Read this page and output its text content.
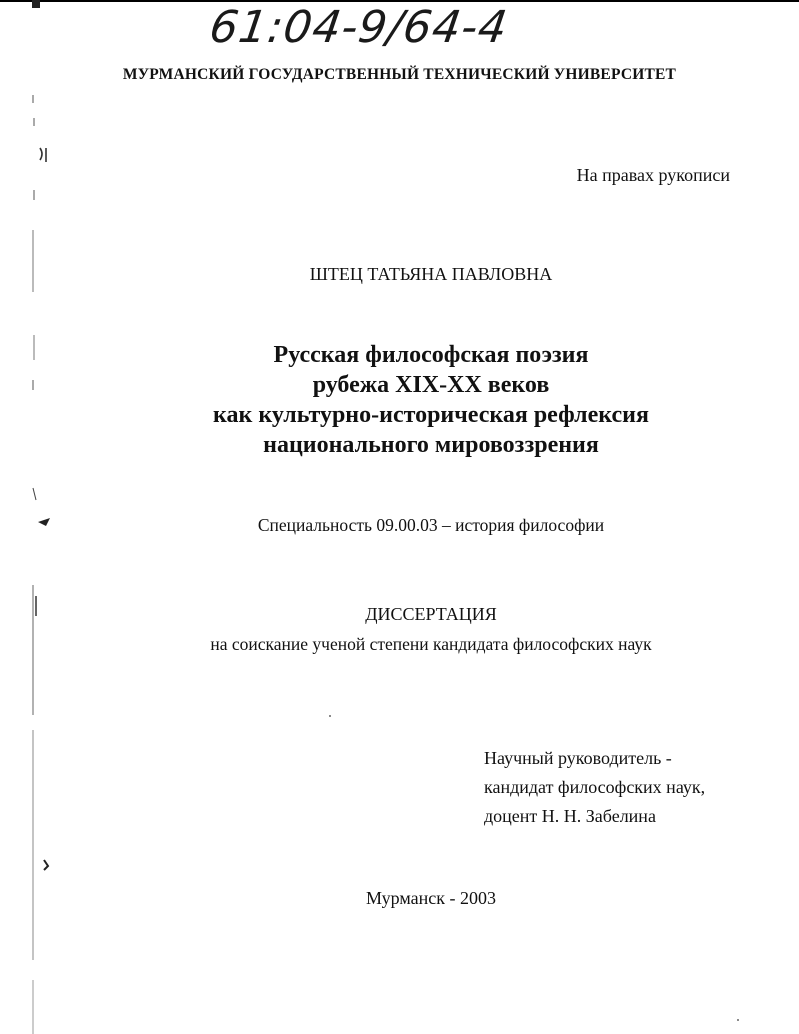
61:04-9/64-4
МУРМАНСКИЙ ГОСУДАРСТВЕННЫЙ ТЕХНИЧЕСКИЙ УНИВЕРСИТЕТ
На правах рукописи
ШТЕЦ ТАТЬЯНА ПАВЛОВНА
Русская философская поэзия
рубежа XIX-XX веков
как культурно-историческая рефлексия
национального мировоззрения
Специальность 09.00.03 – история философии
ДИССЕРТАЦИЯ
на соискание ученой степени кандидата философских наук
Научный руководитель -
кандидат философских наук,
доцент Н. Н. Забелина
Мурманск - 2003
